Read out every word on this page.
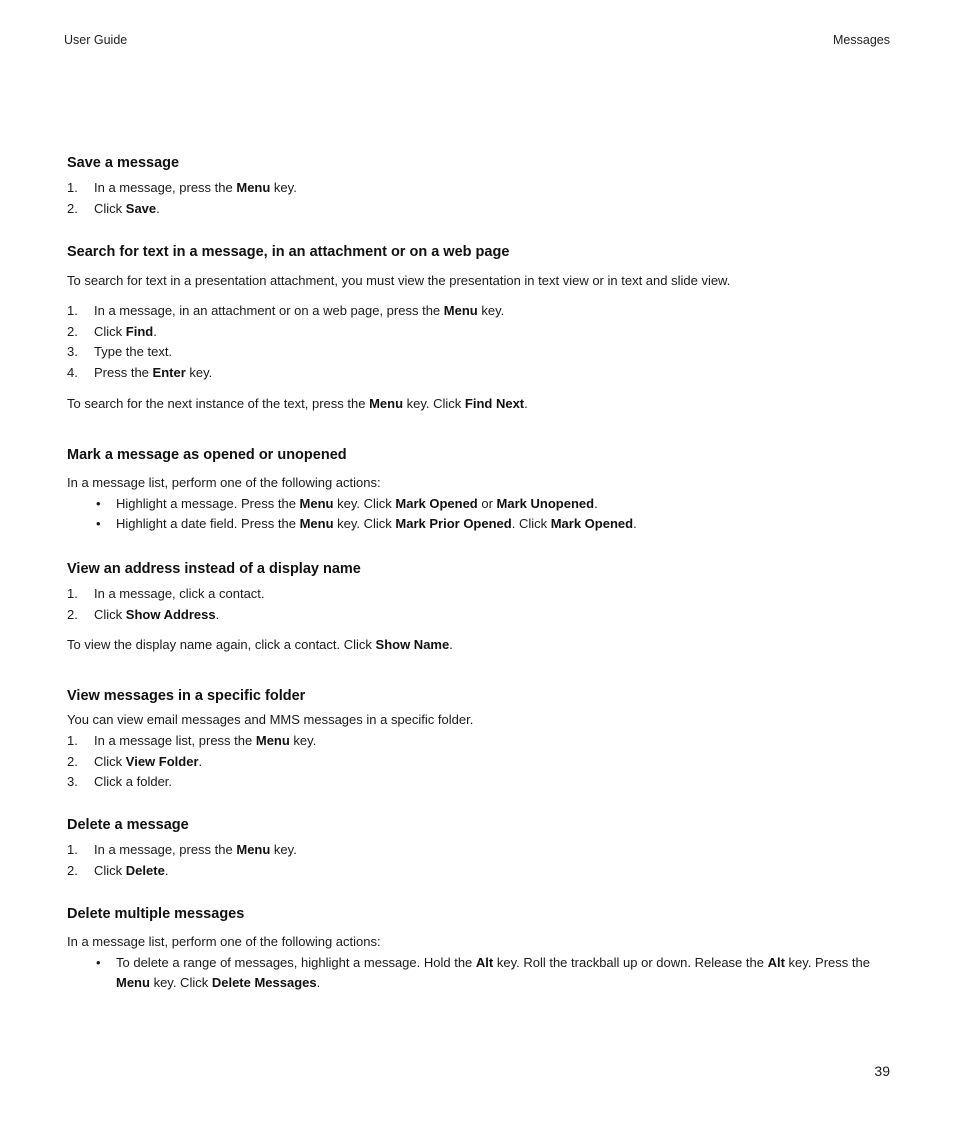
User Guide	Messages
Save a message
1. In a message, press the Menu key.
2. Click Save.
Search for text in a message, in an attachment or on a web page

To search for text in a presentation attachment, you must view the presentation in text view or in text and slide view.

1. In a message, in an attachment or on a web page, press the Menu key.
2. Click Find.
3. Type the text.
4. Press the Enter key.

To search for the next instance of the text, press the Menu key. Click Find Next.

Mark a message as opened or unopened

In a message list, perform one of the following actions:

• Highlight a message. Press the Menu key. Click Mark Opened or Mark Unopened.
• Highlight a date field. Press the Menu key. Click Mark Prior Opened. Click Mark Opened.
View an address instead of a display name
1. In a message, click a contact.
2. Click Show Address.

To view the display name again, click a contact. Click Show Name.

View messages in a specific folder

You can view email messages and MMS messages in a specific folder.

1. In a message list, press the Menu key.
2. Click View Folder.
3. Click a folder.
Delete a message
1. In a message, press the Menu key.
2. Click Delete.
Delete multiple messages

In a message list, perform one of the following actions:

• To delete a range of messages, highlight a message. Hold the Alt key. Roll the trackball up or down. Release the Alt key. Press the Menu key. Click Delete Messages.
39
